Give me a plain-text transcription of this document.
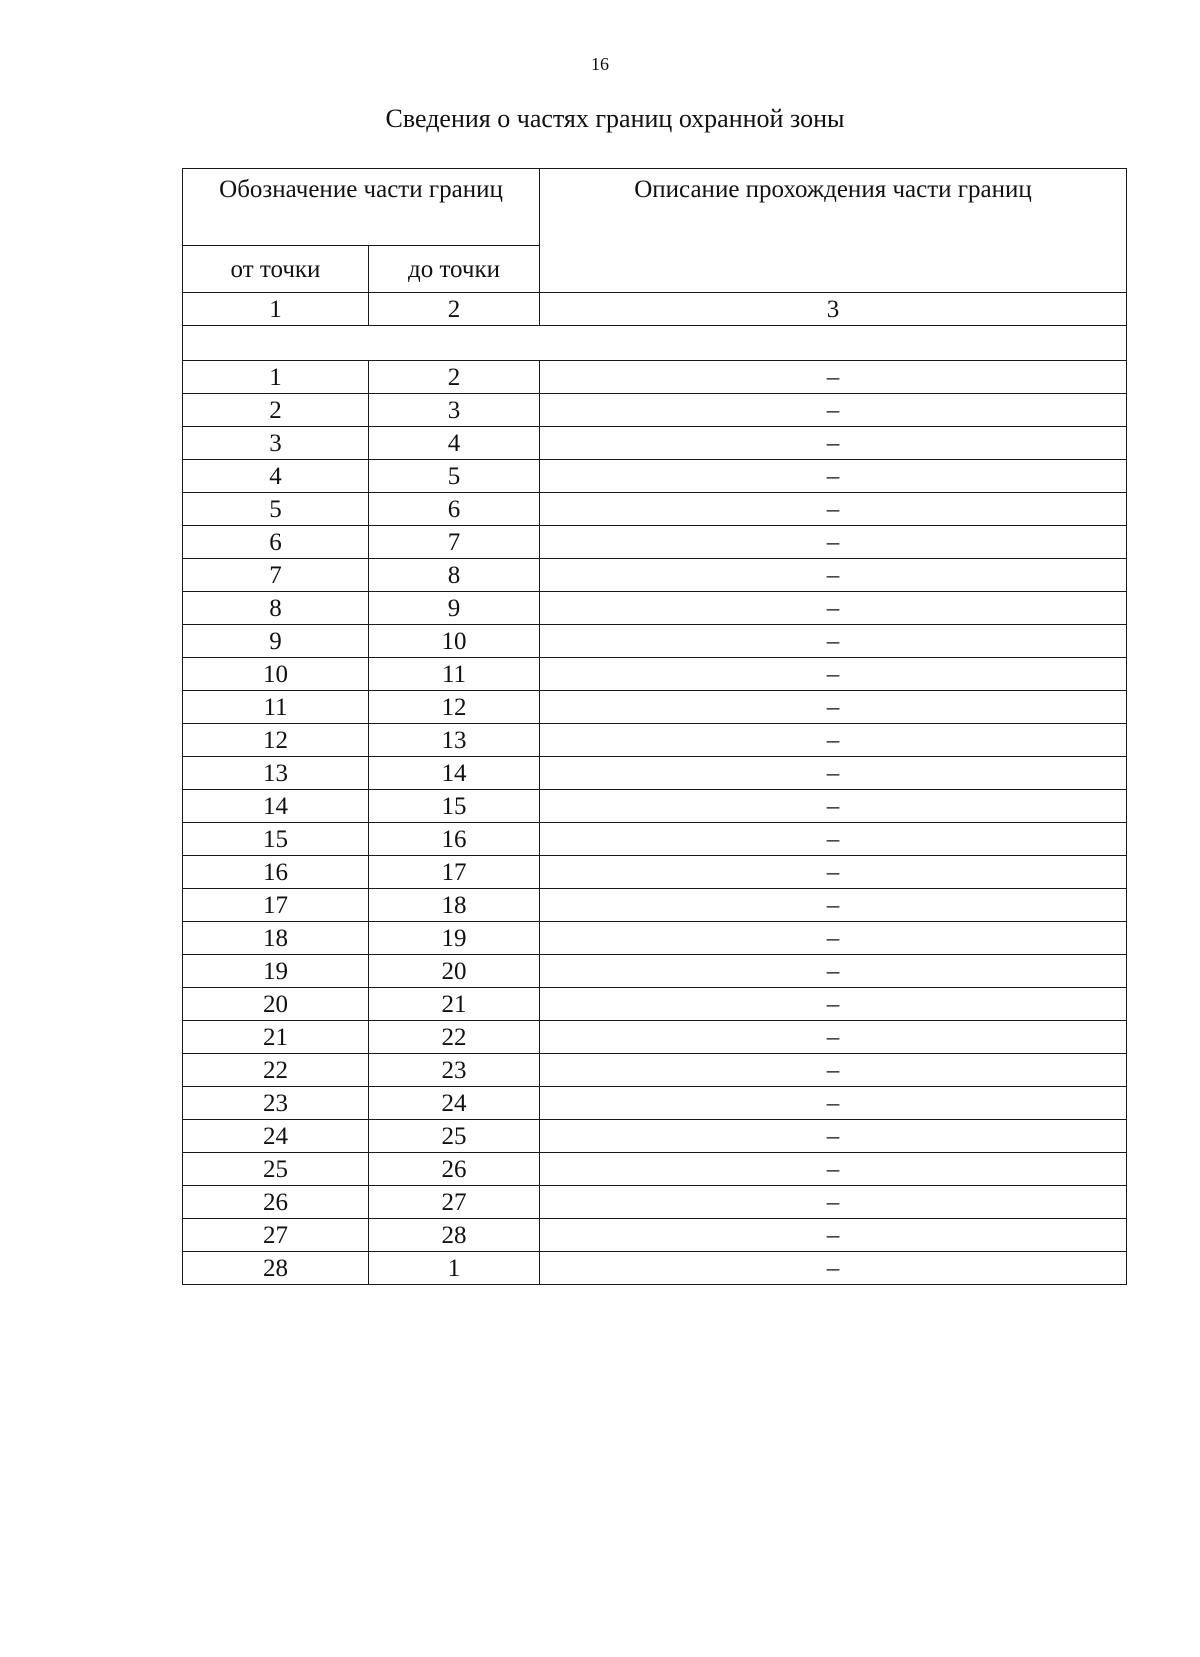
16
Сведения о частях границ охранной зоны
Обозначение части границ		Описание прохождения части границ
от точки	до точки	
1	2	3

1	2	–
2	3	–
3	4	–
4	5	–
5	6	–
6	7	–
7	8	–
8	9	–
9	10	–
10	11	–
11	12	–
12	13	–
13	14	–
14	15	–
15	16	–
16	17	–
17	18	–
18	19	–
19	20	–
20	21	–
21	22	–
22	23	–
23	24	–
24	25	–
25	26	–
26	27	–
27	28	–
28	1	–
